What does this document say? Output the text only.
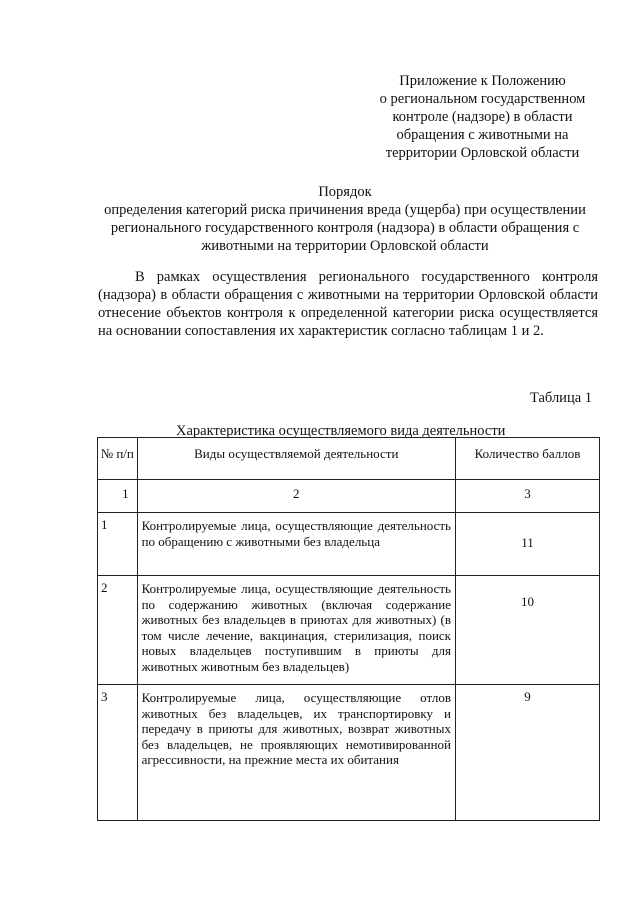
Приложение к Положению
о региональном государственном
контроле (надзоре) в области
обращения с животными на
территории Орловской области
Порядок
определения категорий риска причинения вреда (ущерба) при осуществлении
регионального государственного контроля (надзора) в области обращения с
животными на территории Орловской области
В рамках осуществления регионального государственного контроля (надзора) в области обращения с животными на территории Орловской области отнесение объектов контроля к определенной категории риска осуществляется на основании сопоставления их характеристик согласно таблицам 1 и 2.
Таблица 1
Характеристика осуществляемого вида деятельности
№ п/п	Виды осуществляемой деятельности	Количество баллов
1	2	3
1	Контролируемые лица, осуществляющие деятельность по обращению с животными без владельца	11
2	Контролируемые лица, осуществляющие деятельность по содержанию животных (включая содержание животных без владельцев в приютах для животных) (в том числе лечение, вакцинация, стерилизация, поиск новых владельцев поступившим в приюты для животных животным без владельцев)	10
3	Контролируемые лица, осуществляющие отлов животных без владельцев, их транспортировку и передачу в приюты для животных, возврат животных без владельцев, не проявляющих немотивированной агрессивности, на прежние места их обитания	9
